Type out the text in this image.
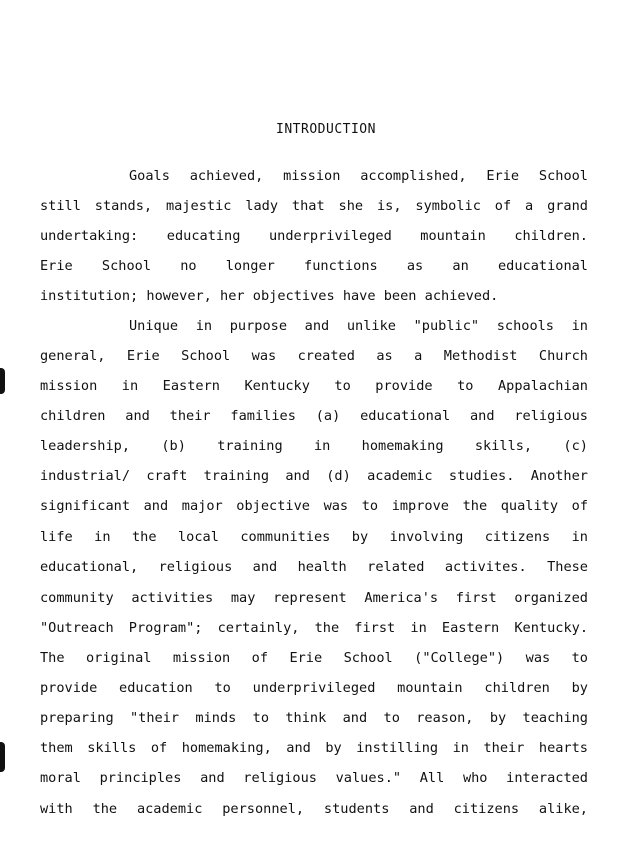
INTRODUCTION
Goals achieved, mission accomplished, Erie School
still stands, majestic lady that she is, symbolic of a grand
undertaking: educating underprivileged mountain children.
Erie School no longer functions as an educational
institution; however, her objectives have been achieved.
Unique in purpose and unlike "public" schools in
general, Erie School was created as a Methodist Church
mission in Eastern Kentucky to provide to Appalachian
children and their families (a) educational and religious
leadership, (b) training in homemaking skills, (c)
industrial/ craft training and (d) academic studies. Another
significant and major objective was to improve the quality of
life in the local communities by involving citizens in
educational, religious and health related activites. These
community activities may represent America's first organized
"Outreach Program"; certainly, the first in Eastern Kentucky.
The original mission of Erie School ("College") was to
provide education to underprivileged mountain children by
preparing "their minds to think and to reason, by teaching
them skills of homemaking, and by instilling in their hearts
moral principles and religious values." All who interacted
with the academic personnel, students and citizens alike,
